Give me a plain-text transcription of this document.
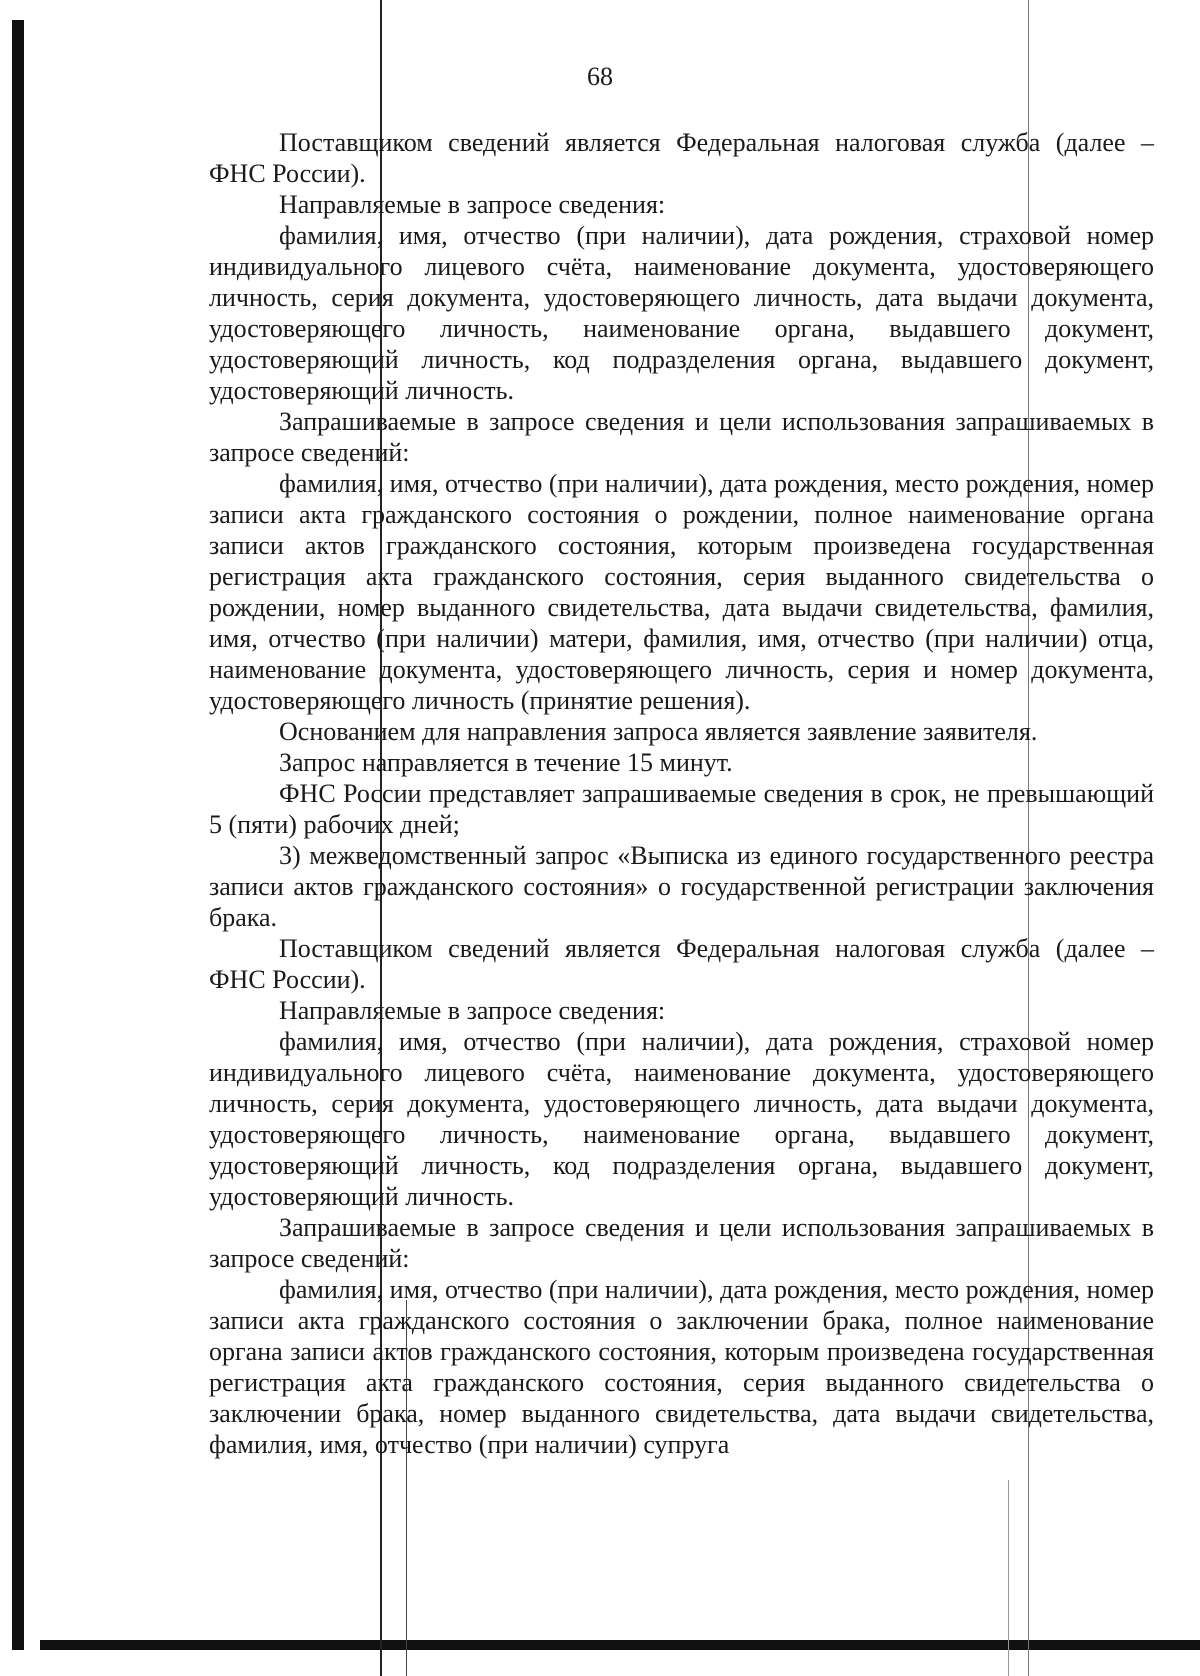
68

Поставщиком сведений является Федеральная налоговая служба (далее – ФНС России).

Направляемые в запросе сведения:

фамилия, имя, отчество (при наличии), дата рождения, страховой номер индивидуального лицевого счёта, наименование документа, удостоверяющего личность, серия документа, удостоверяющего личность, дата выдачи документа, удостоверяющего личность, наименование органа, выдавшего документ, удостоверяющий личность, код подразделения органа, выдавшего документ, удостоверяющий личность.

Запрашиваемые в запросе сведения и цели использования запрашиваемых в запросе сведений:

фамилия, имя, отчество (при наличии), дата рождения, место рождения, номер записи акта гражданского состояния о рождении, полное наименование органа записи актов гражданского состояния, которым произведена государственная регистрация акта гражданского состояния, серия выданного свидетельства о рождении, номер выданного свидетельства, дата выдачи свидетельства, фамилия, имя, отчество (при наличии) матери, фамилия, имя, отчество (при наличии) отца, наименование документа, удостоверяющего личность, серия и номер документа, удостоверяющего личность (принятие решения).

Основанием для направления запроса является заявление заявителя.

Запрос направляется в течение 15 минут.

ФНС России представляет запрашиваемые сведения в срок, не превышающий 5 (пяти) рабочих дней;

3) межведомственный запрос «Выписка из единого государственного реестра записи актов гражданского состояния» о государственной регистрации заключения брака.

Поставщиком сведений является Федеральная налоговая служба (далее – ФНС России).

Направляемые в запросе сведения:

фамилия, имя, отчество (при наличии), дата рождения, страховой номер индивидуального лицевого счёта, наименование документа, удостоверяющего личность, серия документа, удостоверяющего личность, дата выдачи документа, удостоверяющего личность, наименование органа, выдавшего документ, удостоверяющий личность, код подразделения органа, выдавшего документ, удостоверяющий личность.

Запрашиваемые в запросе сведения и цели использования запрашиваемых в запросе сведений:

фамилия, имя, отчество (при наличии), дата рождения, место рождения, номер записи акта гражданского состояния о заключении брака, полное наименование органа записи актов гражданского состояния, которым произведена государственная регистрация акта гражданского состояния, серия выданного свидетельства о заключении брака, номер выданного свидетельства, дата выдачи свидетельства, фамилия, имя, отчество (при наличии) супруга
